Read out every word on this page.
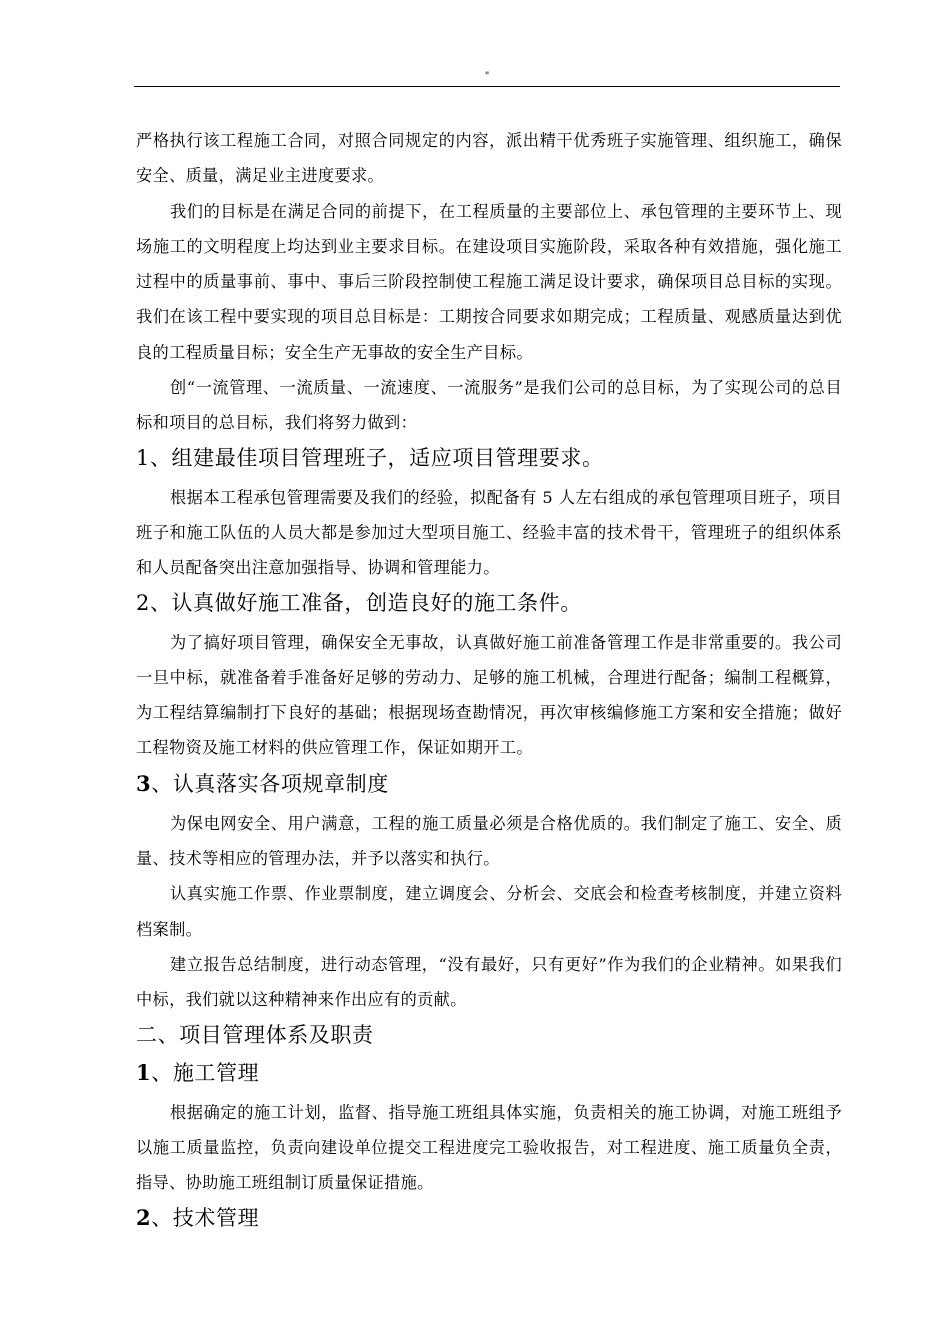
"

严格执行该工程施工合同，对照合同规定的内容，派出精干优秀班子实施管理、组织施工，确保安全、质量，满足业主进度要求。

我们的目标是在满足合同的前提下，在工程质量的主要部位上、承包管理的主要环节上、现场施工的文明程度上均达到业主要求目标。在建设项目实施阶段，采取各种有效措施，强化施工过程中的质量事前、事中、事后三阶段控制使工程施工满足设计要求，确保项目总目标的实现。我们在该工程中要实现的项目总目标是：工期按合同要求如期完成；工程质量、观感质量达到优良的工程质量目标；安全生产无事故的安全生产目标。

创“一流管理、一流质量、一流速度、一流服务”是我们公司的总目标，为了实现公司的总目标和项目的总目标，我们将努力做到：

1、组建最佳项目管理班子，适应项目管理要求。

根据本工程承包管理需要及我们的经验，拟配备有 5 人左右组成的承包管理项目班子，项目班子和施工队伍的人员大都是参加过大型项目施工、经验丰富的技术骨干，管理班子的组织体系和人员配备突出注意加强指导、协调和管理能力。

2、认真做好施工准备，创造良好的施工条件。

为了搞好项目管理，确保安全无事故，认真做好施工前准备管理工作是非常重要的。我公司一旦中标，就准备着手准备好足够的劳动力、足够的施工机械，合理进行配备；编制工程概算，为工程结算编制打下良好的基础；根据现场查勘情况，再次审核编修施工方案和安全措施；做好工程物资及施工材料的供应管理工作，保证如期开工。

3、认真落实各项规章制度

为保电网安全、用户满意，工程的施工质量必须是合格优质的。我们制定了施工、安全、质量、技术等相应的管理办法，并予以落实和执行。

认真实施工作票、作业票制度，建立调度会、分析会、交底会和检查考核制度，并建立资料档案制。

建立报告总结制度，进行动态管理，“没有最好，只有更好”作为我们的企业精神。如果我们中标，我们就以这种精神来作出应有的贡献。

二、项目管理体系及职责

1、施工管理

根据确定的施工计划，监督、指导施工班组具体实施，负责相关的施工协调，对施工班组予以施工质量监控，负责向建设单位提交工程进度完工验收报告，对工程进度、施工质量负全责，指导、协助施工班组制订质量保证措施。

2、技术管理
